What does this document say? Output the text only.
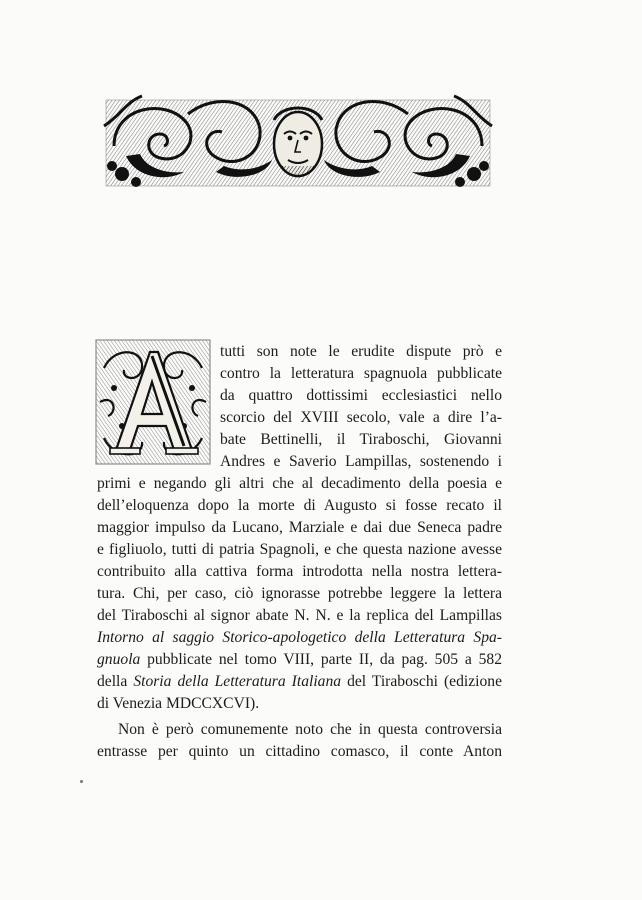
A
tutti son note le erudite dispute prò e
contro la letteratura spagnuola pubblicate
da quattro dottissimi ecclesiastici nello
scorcio del XVIII secolo, vale a dire l’a-
bate Bettinelli, il Tiraboschi, Giovanni
Andres e Saverio Lampillas, sostenendo i
primi e negando gli altri che al decadimento della poesia e
dell’eloquenza dopo la morte di Augusto si fosse recato il
maggior impulso da Lucano, Marziale e dai due Seneca padre
e figliuolo, tutti di patria Spagnoli, e che questa nazione avesse
contribuito alla cattiva forma introdotta nella nostra lettera-
tura. Chi, per caso, ciò ignorasse potrebbe leggere la lettera
del Tiraboschi al signor abate N. N. e la replica del Lampillas
Intorno al saggio Storico-apologetico della Letteratura Spa-
gnuola pubblicate nel tomo VIII, parte II, da pag. 505 a 582
della Storia della Letteratura Italiana del Tiraboschi (edizione
di Venezia MDCCXCVI).
Non è però comunemente noto che in questa controversia
entrasse per quinto un cittadino comasco, il conte Anton
